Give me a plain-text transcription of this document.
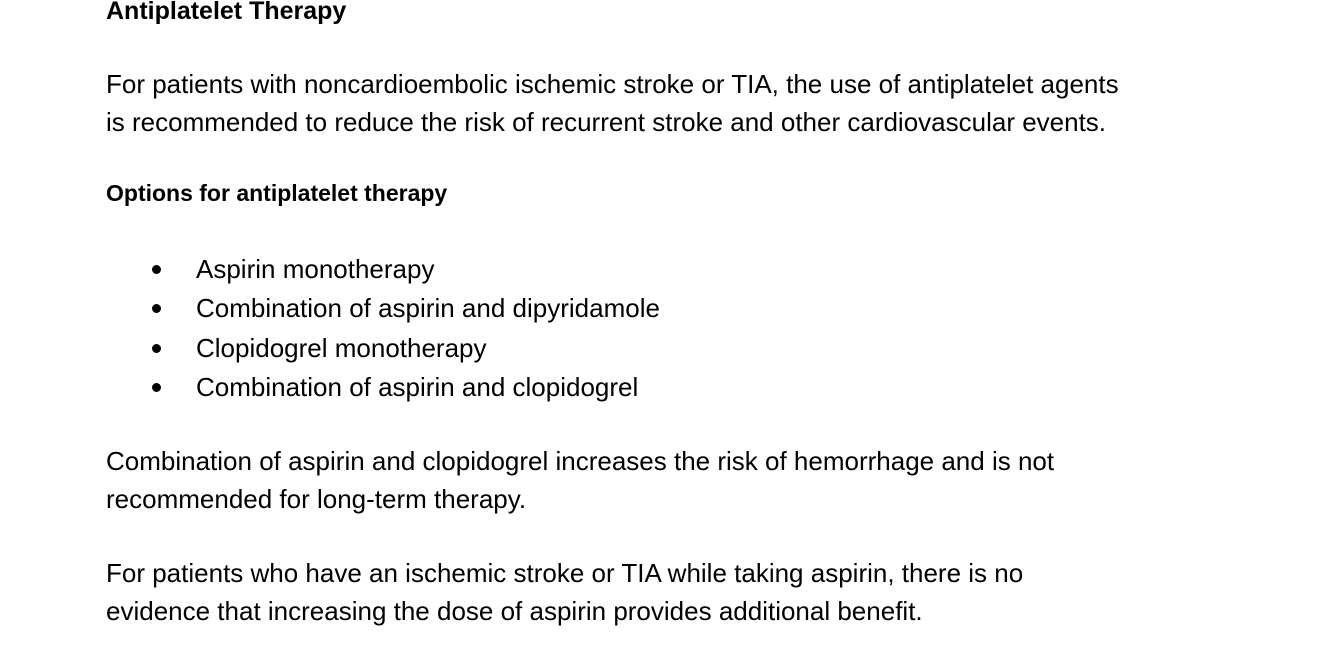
Antiplatelet Therapy

For patients with noncardioembolic ischemic stroke or TIA, the use of antiplatelet agents
is recommended to reduce the risk of recurrent stroke and other cardiovascular events.

Options for antiplatelet therapy
Aspirin monotherapy
Combination of aspirin and dipyridamole
Clopidogrel monotherapy
Combination of aspirin and clopidogrel

Combination of aspirin and clopidogrel increases the risk of hemorrhage and is not
recommended for long-term therapy.

For patients who have an ischemic stroke or TIA while taking aspirin, there is no
evidence that increasing the dose of aspirin provides additional benefit.
